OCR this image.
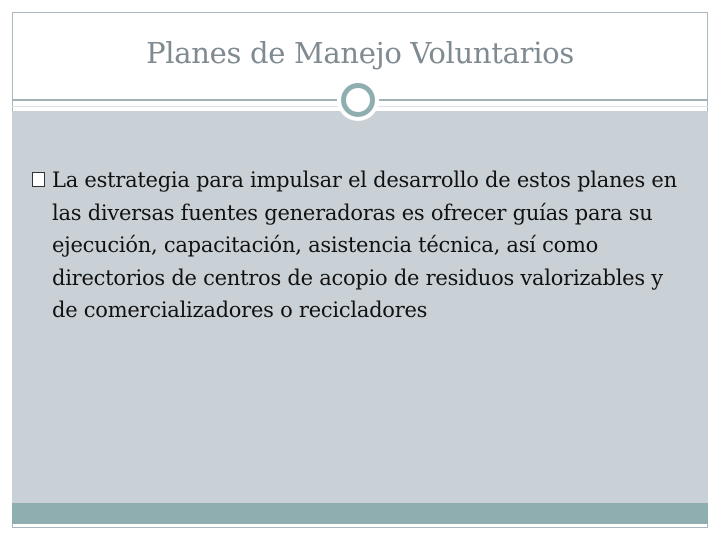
Planes de Manejo Voluntarios
La estrategia para impulsar el desarrollo de estos planes en las diversas fuentes generadoras es ofrecer guías para su ejecución, capacitación, asistencia técnica, así como directorios de centros de acopio de residuos valorizables y de comercializadores o recicladores
